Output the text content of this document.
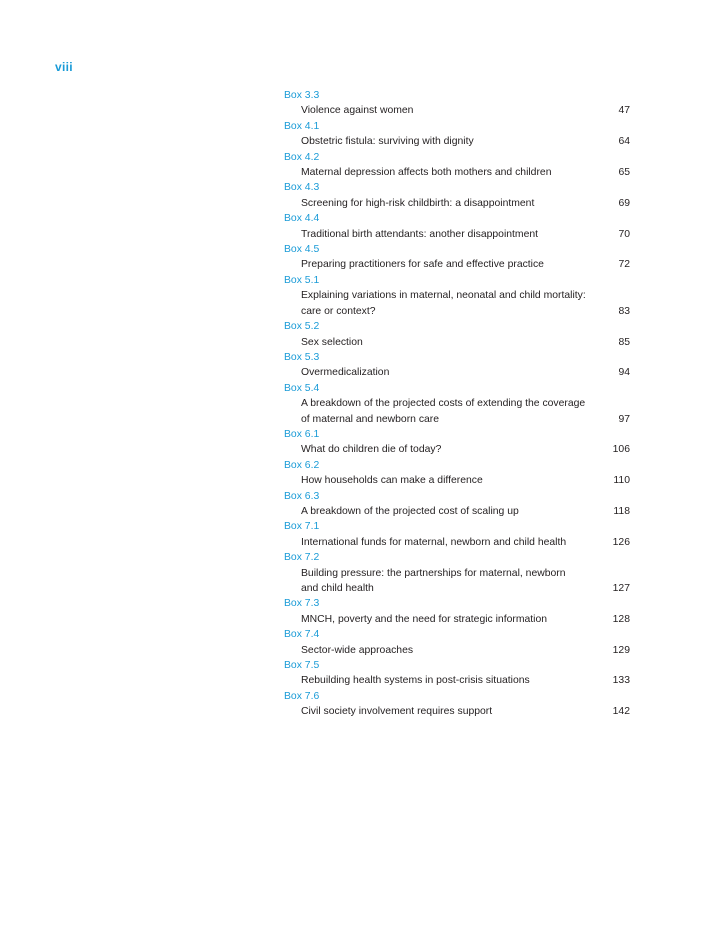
viii
Box 3.3
Violence against women	47
Box 4.1
Obstetric fistula: surviving with dignity	64
Box 4.2
Maternal depression affects both mothers and children	65
Box 4.3
Screening for high-risk childbirth: a disappointment	69
Box 4.4
Traditional birth attendants: another disappointment	70
Box 4.5
Preparing practitioners for safe and effective practice	72
Box 5.1
Explaining variations in maternal, neonatal and child mortality:
care or context?	83
Box 5.2
Sex selection	85
Box 5.3
Overmedicalization	94
Box 5.4
A breakdown of the projected costs of extending the coverage
of maternal and newborn care	97
Box 6.1
What do children die of today?	106
Box 6.2
How households can make a difference	110
Box 6.3
A breakdown of the projected cost of scaling up	118
Box 7.1
International funds for maternal, newborn and child health	126
Box 7.2
Building pressure: the partnerships for maternal, newborn
and child health	127
Box 7.3
MNCH, poverty and the need for strategic information	128
Box 7.4
Sector-wide approaches	129
Box 7.5
Rebuilding health systems in post-crisis situations	133
Box 7.6
Civil society involvement requires support	142
